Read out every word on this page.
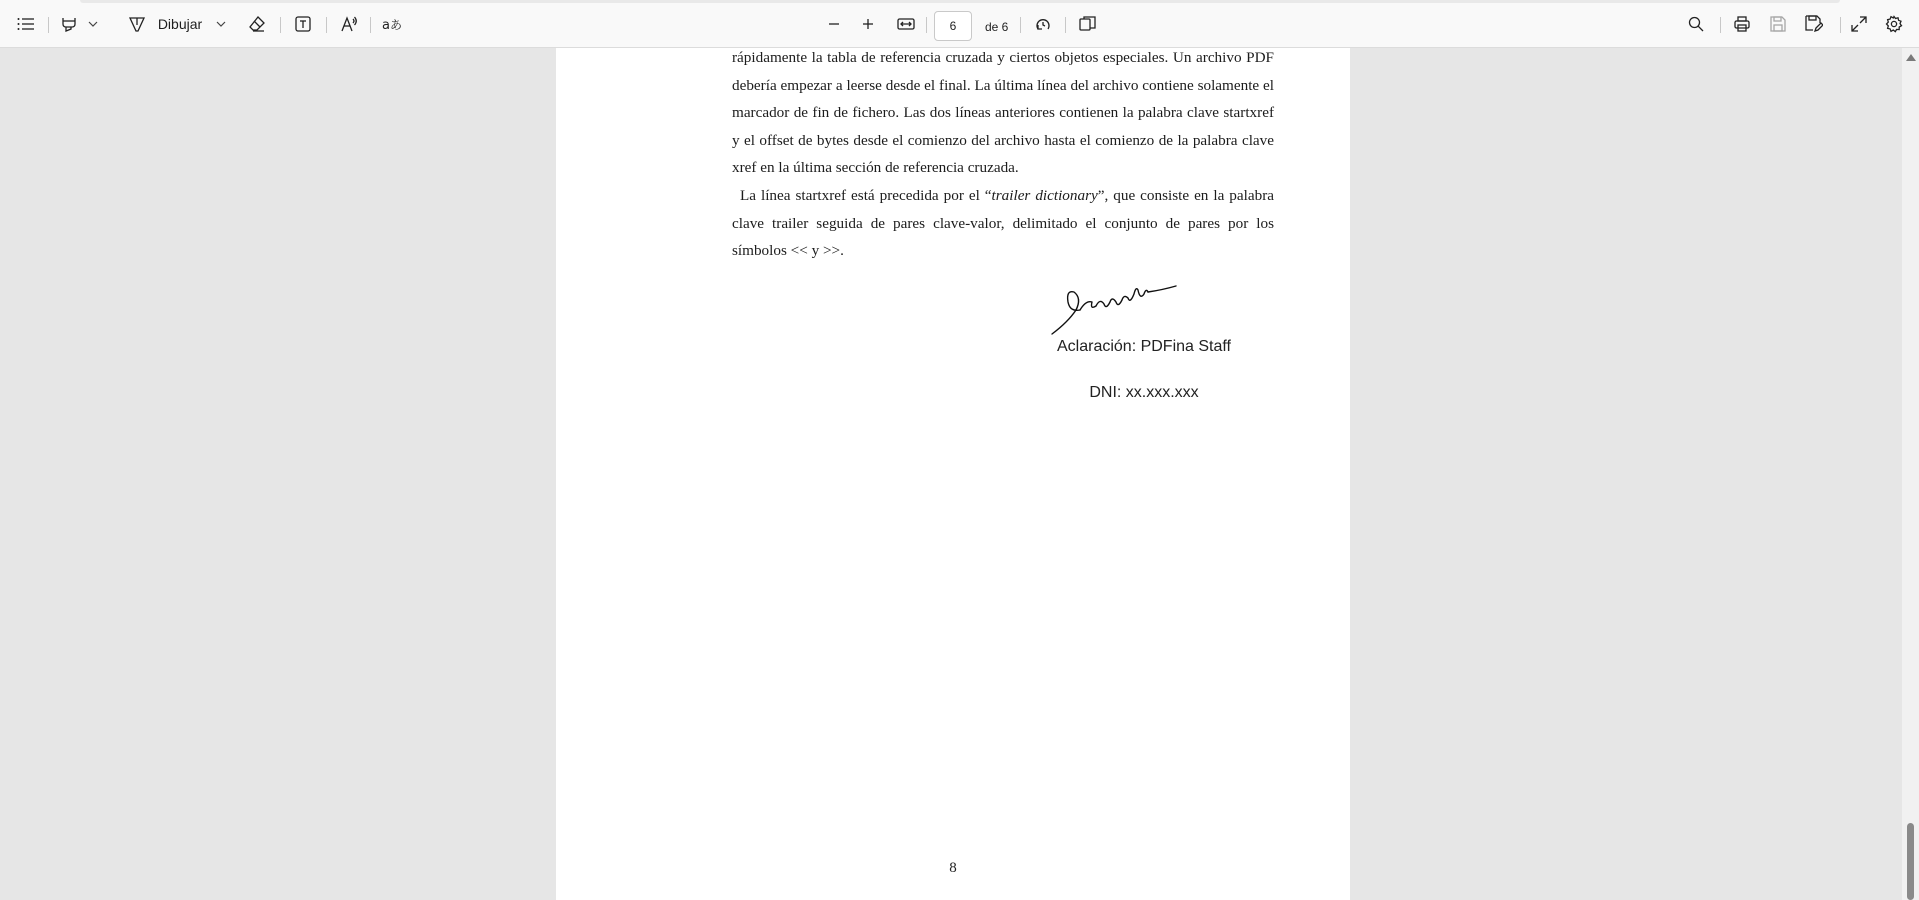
Dibujar	a あ	6	de 6

rápidamente la tabla de referencia cruzada y ciertos objetos especiales. Un archivo PDF debería empezar a leerse desde el final. La última línea del archivo contiene solamente el marcador de fin de fichero. Las dos líneas anteriores contienen la palabra clave startxref y el offset de bytes desde el comienzo del archivo hasta el comienzo de la palabra clave xref en la última sección de referencia cruzada.

La línea startxref está precedida por el “trailer dictionary”, que consiste en la palabra clave trailer seguida de pares clave-valor, delimitado el conjunto de pares por los símbolos << y >>.

Aclaración: PDFina Staff
DNI: xx.xxx.xxx
8
